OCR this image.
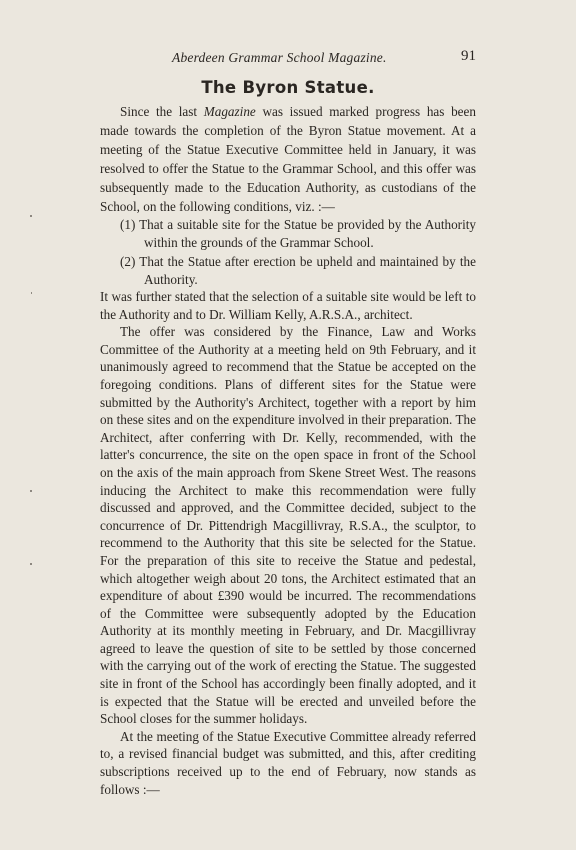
Aberdeen Grammar School Magazine.	91
The Byron Statue.

Since the last Magazine was issued marked progress has been made towards the completion of the Byron Statue movement. At a meeting of the Statue Executive Committee held in January, it was resolved to offer the Statue to the Grammar School, and this offer was subsequently made to the Education Authority, as custodians of the School, on the following conditions, viz. :—

(1) That a suitable site for the Statue be provided by the Authority within the grounds of the Grammar School.

(2) That the Statue after erection be upheld and maintained by the Authority.

It was further stated that the selection of a suitable site would be left to the Authority and to Dr. William Kelly, A.R.S.A., architect.

The offer was considered by the Finance, Law and Works Committee of the Authority at a meeting held on 9th February, and it unanimously agreed to recommend that the Statue be accepted on the foregoing conditions. Plans of different sites for the Statue were submitted by the Authority's Architect, together with a report by him on these sites and on the expenditure involved in their preparation. The Architect, after conferring with Dr. Kelly, recommended, with the latter's concurrence, the site on the open space in front of the School on the axis of the main approach from Skene Street West. The reasons inducing the Architect to make this recommendation were fully discussed and approved, and the Committee decided, subject to the concurrence of Dr. Pittendrigh Macgillivray, R.S.A., the sculptor, to recommend to the Authority that this site be selected for the Statue. For the preparation of this site to receive the Statue and pedestal, which altogether weigh about 20 tons, the Architect estimated that an expenditure of about £390 would be incurred. The recommendations of the Committee were subsequently adopted by the Education Authority at its monthly meeting in February, and Dr. Macgillivray agreed to leave the question of site to be settled by those concerned with the carrying out of the work of erecting the Statue. The suggested site in front of the School has accordingly been finally adopted, and it is expected that the Statue will be erected and unveiled before the School closes for the summer holidays.

At the meeting of the Statue Executive Committee already referred to, a revised financial budget was submitted, and this, after crediting subscriptions received up to the end of February, now stands as follows :—
